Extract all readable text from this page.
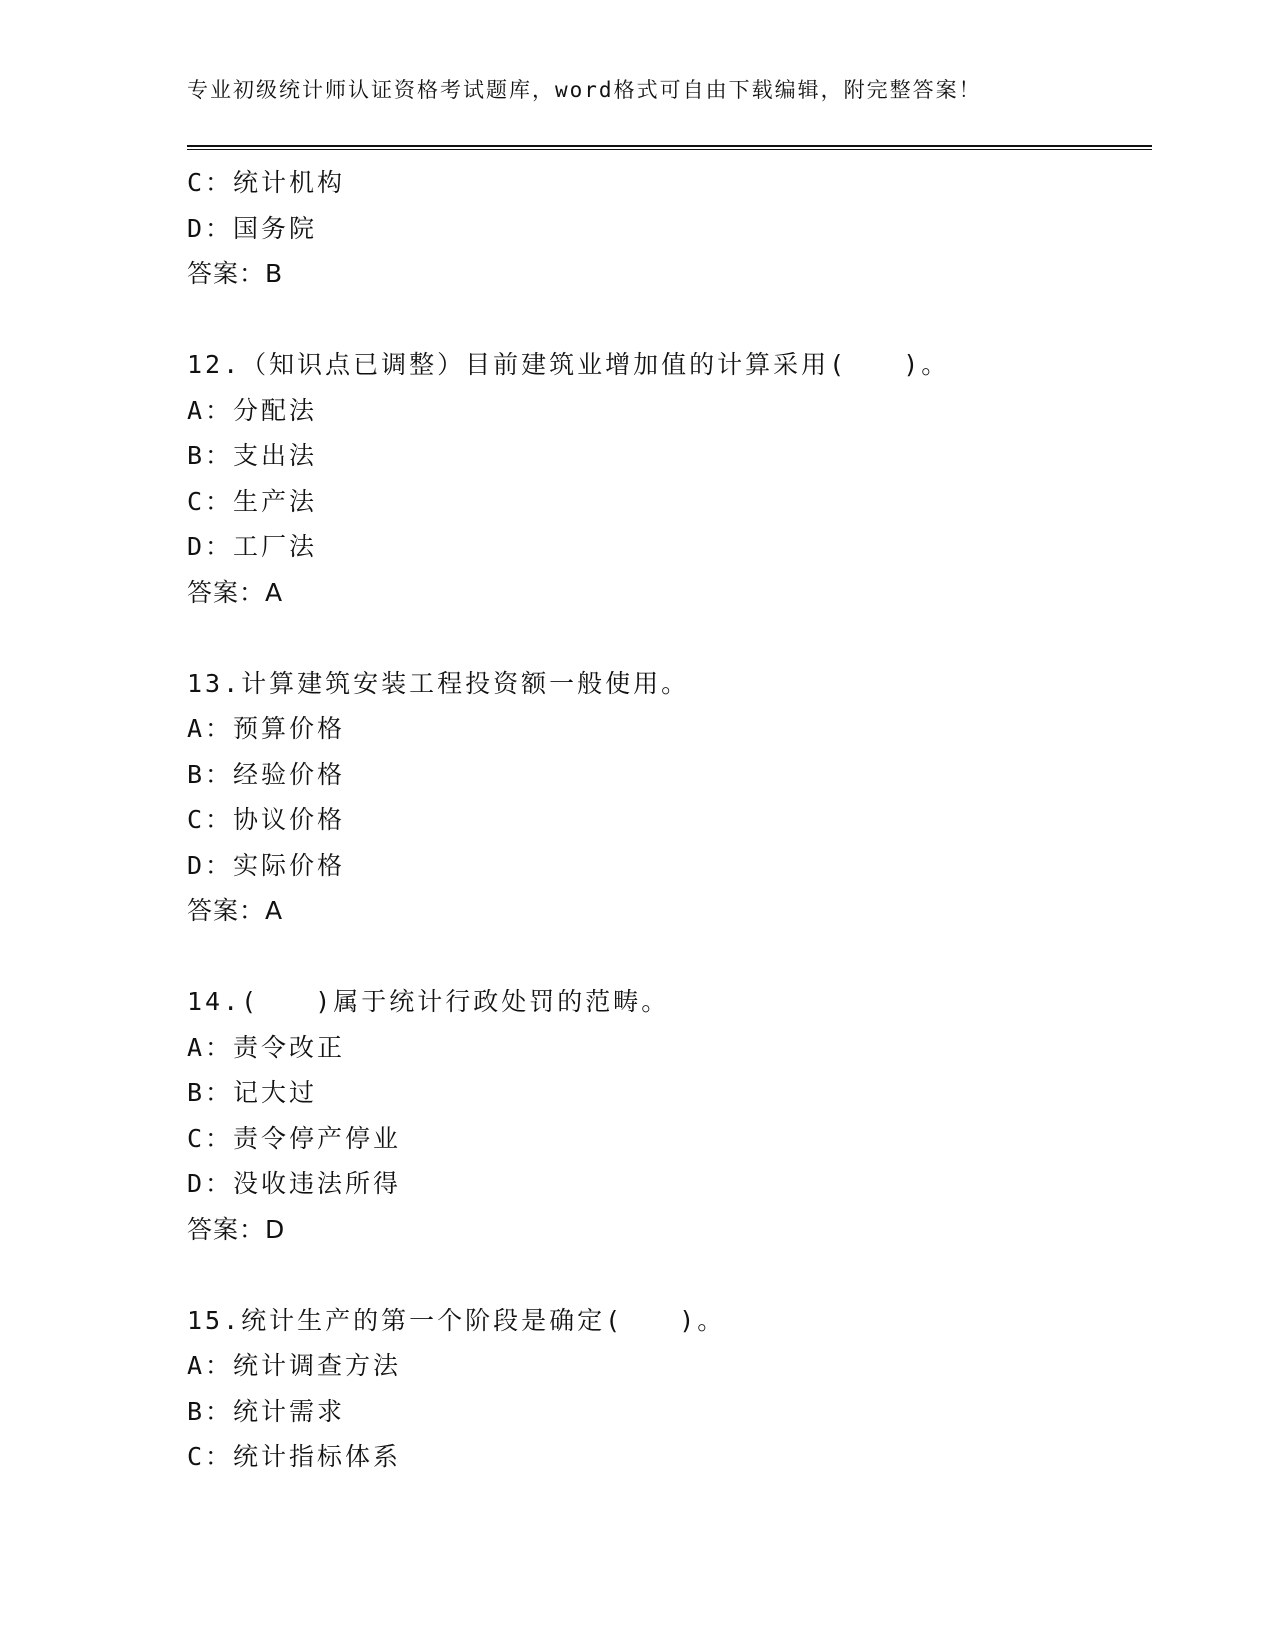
专业初级统计师认证资格考试题库，word格式可自由下载编辑，附完整答案！
C：统计机构
D：国务院
答案：B
12.（知识点已调整）目前建筑业增加值的计算采用(　　)。
A：分配法
B：支出法
C：生产法
D：工厂法
答案：A
13.计算建筑安装工程投资额一般使用。
A：预算价格
B：经验价格
C：协议价格
D：实际价格
答案：A
14.(　　)属于统计行政处罚的范畴。
A：责令改正
B：记大过
C：责令停产停业
D：没收违法所得
答案：D
15.统计生产的第一个阶段是确定(　　)。
A：统计调查方法
B：统计需求
C：统计指标体系
